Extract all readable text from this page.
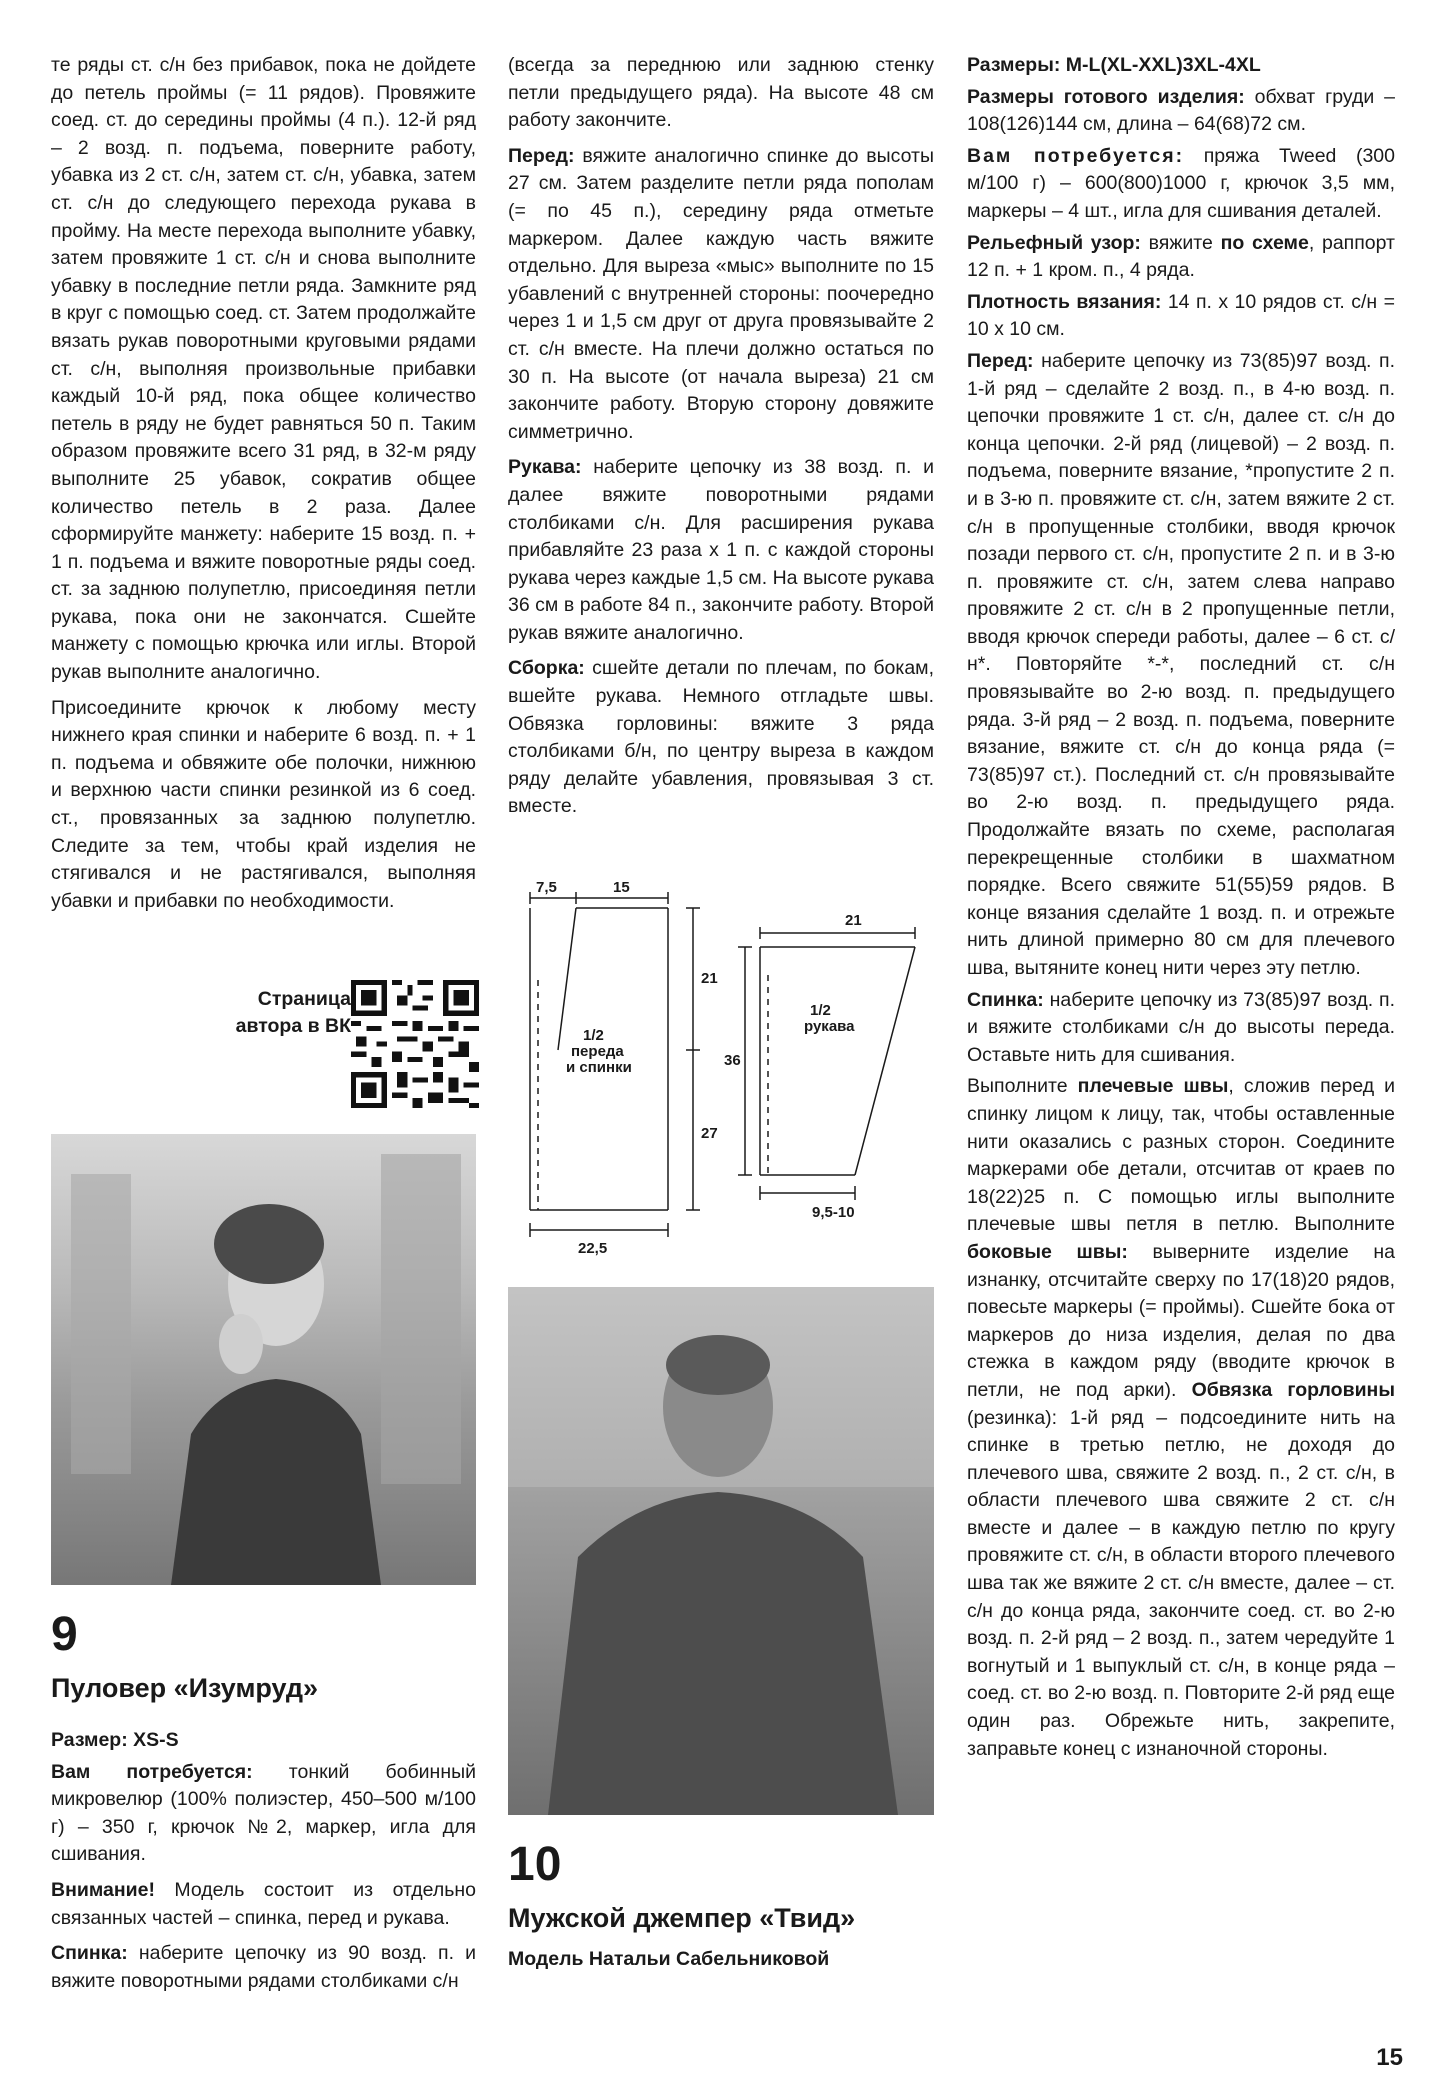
те ряды ст. с/н без прибавок, пока не дойдете до петель проймы (= 11 рядов). Провяжите соед. ст. до середины проймы (4 п.). 12-й ряд – 2 возд. п. подъема, поверните работу, убавка из 2 ст. с/н, затем ст. с/н, убавка, затем ст. с/н до следующего перехода рукава в пройму. На месте перехода выполните убавку, затем провяжите 1 ст. с/н и снова выполните убавку в последние петли ряда. Замкните ряд в круг с помощью соед. ст. Затем продолжайте вязать рукав поворотными круговыми рядами ст. с/н, выполняя произвольные прибавки каждый 10-й ряд, пока общее количество петель в ряду не будет равняться 50 п. Таким образом провяжите всего 31 ряд, в 32-м ряду выполните 25 убавок, сократив общее количество петель в 2 раза. Далее сформируйте манжету: наберите 15 возд. п. + 1 п. подъема и вяжите поворотные ряды соед. ст. за заднюю полупетлю, присоединяя петли рукава, пока они не закончатся. Сшейте манжету с помощью крючка или иглы. Второй рукав выполните аналогично.

Присоедините крючок к любому месту нижнего края спинки и наберите 6 возд. п. + 1 п. подъема и обвяжите обе полочки, нижнюю и верхнюю части спинки резинкой из 6 соед. ст., провязанных за заднюю полупетлю. Следите за тем, чтобы край изделия не стягивался и не растягивался, выполняя убавки и прибавки по необходимости.

Страница автора в ВК
9
Пуловер «Изумруд»

Размер: XS-S

Вам потребуется: тонкий бобинный микровелюр (100% полиэстер, 450–500 м/100 г) – 350 г, крючок №2, маркер, игла для сшивания.

Внимание! Модель состоит из отдельно связанных частей – спинка, перед и рукава.

Спинка: наберите цепочку из 90 возд. п. и вяжите поворотными рядами столбиками с/н

(всегда за переднюю или заднюю стенку петли предыдущего ряда). На высоте 48 см работу закончите.

Перед: вяжите аналогично спинке до высоты 27 см. Затем разделите петли ряда пополам (= по 45 п.), середину ряда отметьте маркером. Далее каждую часть вяжите отдельно. Для выреза «мыс» выполните по 15 убавлений с внутренней стороны: поочередно через 1 и 1,5 см друг от друга провязывайте 2 ст. с/н вместе. На плечи должно остаться по 30 п. На высоте (от начала выреза) 21 см закончите работу. Вторую сторону довяжите симметрично.

Рукава: наберите цепочку из 38 возд. п. и далее вяжите поворотными рядами столбиками с/н. Для расширения рукава прибавляйте 23 раза х 1 п. с каждой стороны рукава через каждые 1,5 см. На высоте рукава 36 см в работе 84 п., закончите работу. Второй рукав вяжите аналогично.

Сборка: сшейте детали по плечам, по бокам, вшейте рукава. Немного отгладьте швы. Обвязка горловины: вяжите 3 ряда столбиками б/н, по центру выреза в каждом ряду делайте убавления, провязывая 3 ст. вместе.

7,5	15
21
27
22,5
1/2
переда
и спинки
21
36
9,5-10
1/2
рукава
10
Мужской джемпер «Твид»
Модель Натальи Сабельниковой

Размеры: M-L(XL-XXL)3XL-4XL

Размеры готового изделия: обхват груди – 108(126)144 см, длина – 64(68)72 см.

Вам потребуется: пряжа Tweed (300 м/100 г) – 600(800)1000 г, крючок 3,5 мм, маркеры – 4 шт., игла для сшивания деталей.

Рельефный узор: вяжите по схеме, раппорт 12 п. + 1 кром. п., 4 ряда.

Плотность вязания: 14 п. х 10 рядов ст. с/н = 10 х 10 см.

Перед: наберите цепочку из 73(85)97 возд. п. 1-й ряд – сделайте 2 возд. п., в 4-ю возд. п. цепочки провяжите 1 ст. с/н, далее ст. с/н до конца цепочки. 2-й ряд (лицевой) – 2 возд. п. подъема, поверните вязание, *пропустите 2 п. и в 3-ю п. провяжите ст. с/н, затем вяжите 2 ст. с/н в пропущенные столбики, вводя крючок позади первого ст. с/н, пропустите 2 п. и в 3-ю п. провяжите ст. с/н, затем слева направо провяжите 2 ст. с/н в 2 пропущенные петли, вводя крючок спереди работы, далее – 6 ст. с/н*. Повторяйте *-*, последний ст. с/н провязывайте во 2-ю возд. п. предыдущего ряда. 3-й ряд – 2 возд. п. подъема, поверните вязание, вяжите ст. с/н до конца ряда (= 73(85)97 ст.). Последний ст. с/н провязывайте во 2-ю возд. п. предыдущего ряда. Продолжайте вязать по схеме, располагая перекрещенные столбики в шахматном порядке. Всего свяжите 51(55)59 рядов. В конце вязания сделайте 1 возд. п. и отрежьте нить длиной примерно 80 см для плечевого шва, вытяните конец нити через эту петлю.

Спинка: наберите цепочку из 73(85)97 возд. п. и вяжите столбиками с/н до высоты переда. Оставьте нить для сшивания.

Выполните плечевые швы, сложив перед и спинку лицом к лицу, так, чтобы оставленные нити оказались с разных сторон. Соедините маркерами обе детали, отсчитав от краев по 18(22)25 п. С помощью иглы выполните плечевые швы петля в петлю. Выполните боковые швы: выверните изделие на изнанку, отсчитайте сверху по 17(18)20 рядов, повесьте маркеры (= проймы). Сшейте бока от маркеров до низа изделия, делая по два стежка в каждом ряду (вводите крючок в петли, не под арки). Обвязка горловины (резинка): 1-й ряд – подсоедините нить на спинке в третью петлю, не доходя до плечевого шва, свяжите 2 возд. п., 2 ст. с/н, в области плечевого шва свяжите 2 ст. с/н вместе и далее – в каждую петлю по кругу провяжите ст. с/н, в области второго плечевого шва так же вяжите 2 ст. с/н вместе, далее – ст. с/н до конца ряда, закончите соед. ст. во 2-ю возд. п. 2-й ряд – 2 возд. п., затем чередуйте 1 вогнутый и 1 выпуклый ст. с/н, в конце ряда – соед. ст. во 2-ю возд. п. Повторите 2-й ряд еще один раз. Обрежьте нить, закрепите, заправьте конец с изнаночной стороны.

15
